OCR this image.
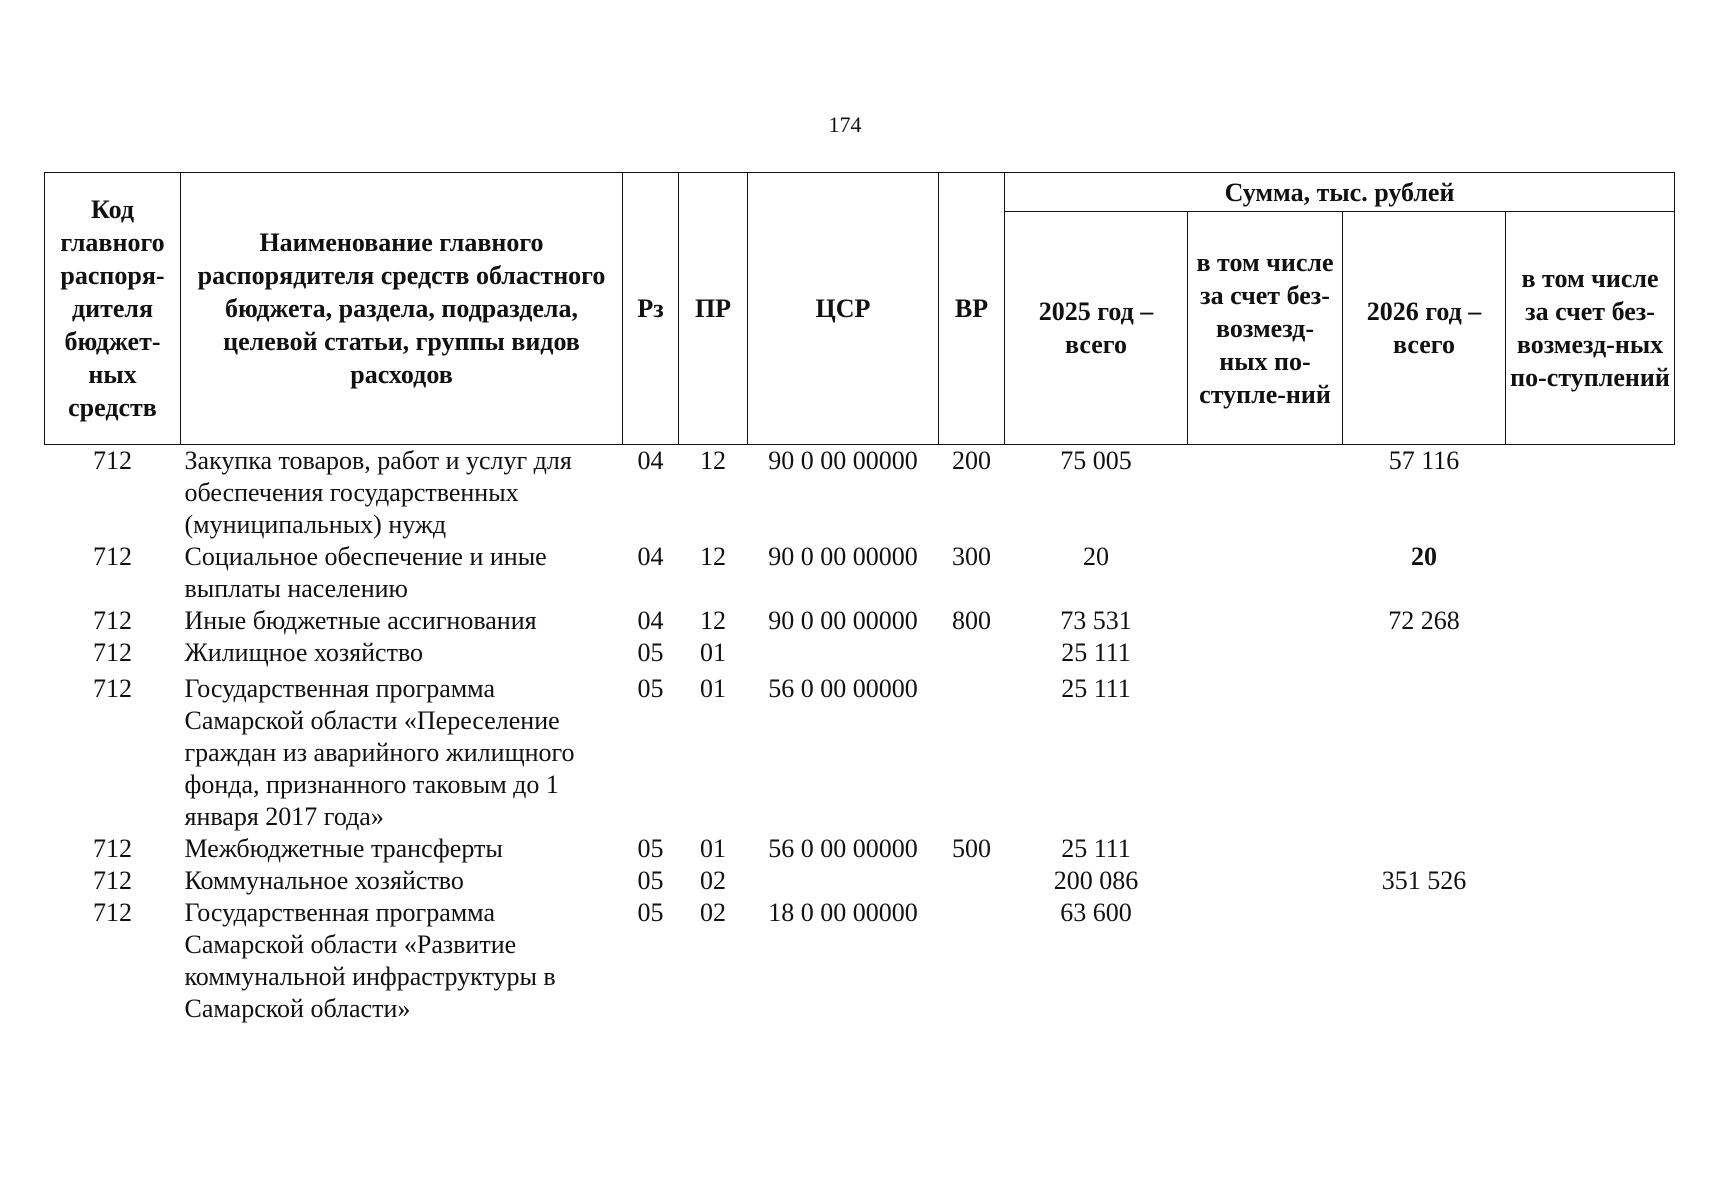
174
Код главного распоря-дителя бюджет-ных средств	Наименование главного распорядителя средств областного бюджета, раздела, подраздела, целевой статьи, группы видов расходов	Рз	ПР	ЦСР	ВР	Сумма, тыс. рублей			
						2025 год – всего	в том числе за счет без-возмезд-ных по-ступле-ний	2026 год – всего	в том числе за счет без-возмезд-ных по-ступлений
712	Закупка товаров, работ и услуг для обеспечения государственных (муниципальных) нужд	04	12	90 0 00 00000	200	75 005		57 116	
712	Социальное обеспечение и иные выплаты населению	04	12	90 0 00 00000	300	20		20	
712	Иные бюджетные ассигнования	04	12	90 0 00 00000	800	73 531		72 268	
712	Жилищное хозяйство	05	01			25 111			
712	Государственная программа Самарской области «Переселение граждан из аварийного жилищного фонда, признанного таковым до 1 января 2017 года»	05	01	56 0 00 00000		25 111			
712	Межбюджетные трансферты	05	01	56 0 00 00000	500	25 111			
712	Коммунальное хозяйство	05	02			200 086		351 526	
712	Государственная программа Самарской области «Развитие коммунальной инфраструктуры в Самарской области»	05	02	18 0 00 00000		63 600			
